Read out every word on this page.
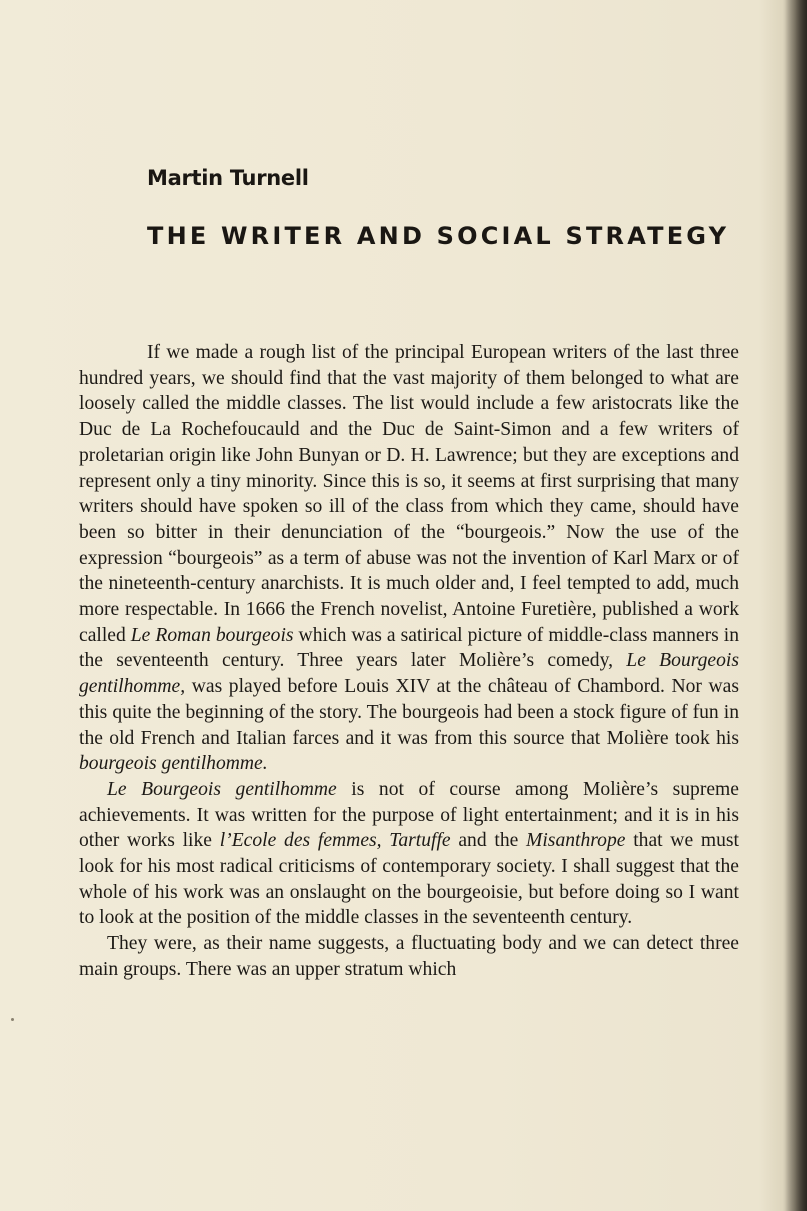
Martin Turnell
THE WRITER AND SOCIAL STRATEGY

If we made a rough list of the principal European writers of the last three hundred years, we should find that the vast majority of them belonged to what are loosely called the middle classes. The list would include a few aristocrats like the Duc de La Rochefoucauld and the Duc de Saint-Simon and a few writers of proletarian origin like John Bunyan or D. H. Lawrence; but they are exceptions and represent only a tiny minority. Since this is so, it seems at first surprising that many writers should have spoken so ill of the class from which they came, should have been so bitter in their denunciation of the “bourgeois.” Now the use of the expression “bourgeois” as a term of abuse was not the invention of Karl Marx or of the nineteenth-century anarchists. It is much older and, I feel tempted to add, much more respectable. In 1666 the French novelist, Antoine Furetière, published a work called Le Roman bourgeois which was a satirical picture of middle-class manners in the seventeenth century. Three years later Molière’s comedy, Le Bourgeois gentilhomme, was played before Louis XIV at the château of Chambord. Nor was this quite the beginning of the story. The bourgeois had been a stock figure of fun in the old French and Italian farces and it was from this source that Molière took his bourgeois gentilhomme.

Le Bourgeois gentilhomme is not of course among Molière’s supreme achievements. It was written for the purpose of light entertainment; and it is in his other works like l’Ecole des femmes, Tartuffe and the Misanthrope that we must look for his most radical criticisms of contemporary society. I shall suggest that the whole of his work was an onslaught on the bourgeoisie, but before doing so I want to look at the position of the middle classes in the seventeenth century.

They were, as their name suggests, a fluctuating body and we can detect three main groups. There was an upper stratum which
